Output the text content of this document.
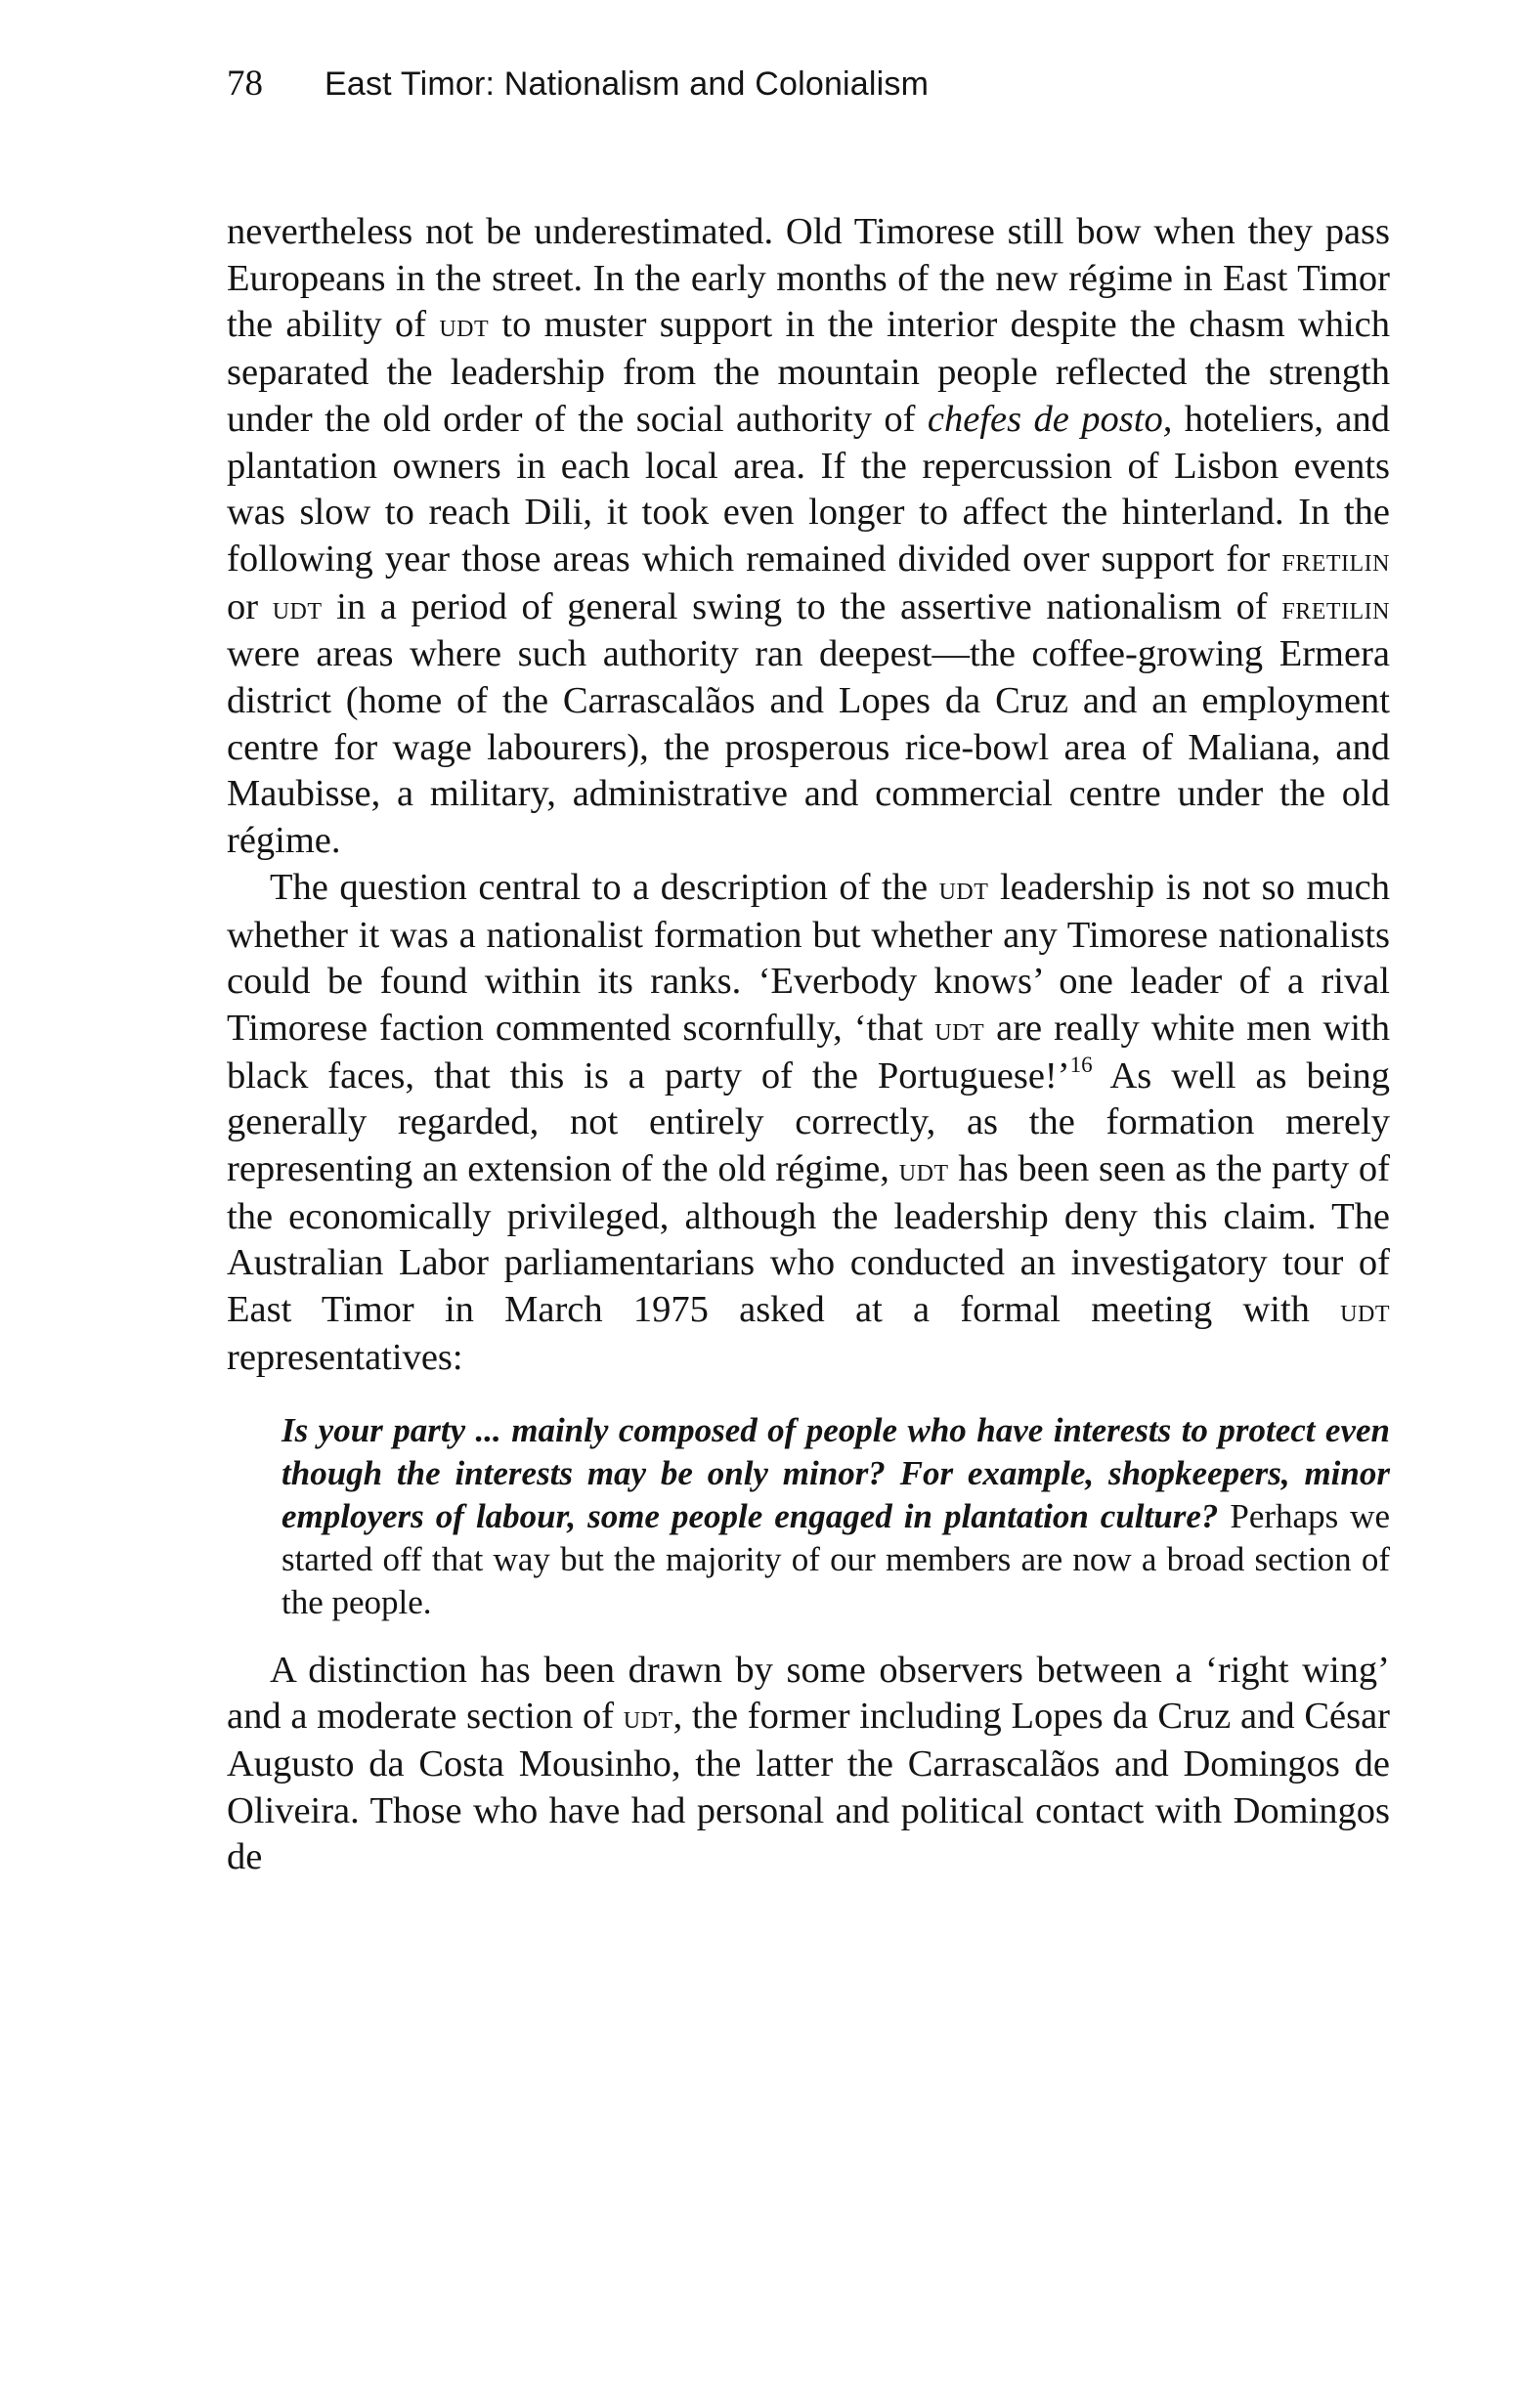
78	East Timor: Nationalism and Colonialism

nevertheless not be underestimated. Old Timorese still bow when they pass Europeans in the street. In the early months of the new régime in East Timor the ability of udt to muster support in the interior despite the chasm which separated the leadership from the mountain people reflected the strength under the old order of the social authority of chefes de posto, hoteliers, and plantation owners in each local area. If the repercussion of Lisbon events was slow to reach Dili, it took even longer to affect the hinterland. In the following year those areas which remained divided over support for fretilin or udt in a period of general swing to the assertive nationalism of fretilin were areas where such authority ran deepest—the coffee-growing Ermera district (home of the Carrascalãos and Lopes da Cruz and an employment centre for wage labourers), the prosperous rice-bowl area of Maliana, and Maubisse, a military, administrative and commercial centre under the old régime.

The question central to a description of the udt leadership is not so much whether it was a nationalist formation but whether any Timorese nationalists could be found within its ranks. ‘Everbody knows’ one leader of a rival Timorese faction commented scornfully, ‘that udt are really white men with black faces, that this is a party of the Portuguese!’$^{16}$ As well as being generally regarded, not entirely correctly, as the formation merely representing an extension of the old régime, udt has been seen as the party of the economically privileged, although the leadership deny this claim. The Australian Labor parliamentarians who conducted an investigatory tour of East Timor in March 1975 asked at a formal meeting with udt representatives:

Is your party ... mainly composed of people who have interests to protect even though the interests may be only minor? For example, shopkeepers, minor employers of labour, some people engaged in plantation culture? Perhaps we started off that way but the majority of our members are now a broad section of the people.

A distinction has been drawn by some observers between a ‘right wing’ and a moderate section of udt, the former including Lopes da Cruz and César Augusto da Costa Mousinho, the latter the Carrascalãos and Domingos de Oliveira. Those who have had personal and political contact with Domingos de
